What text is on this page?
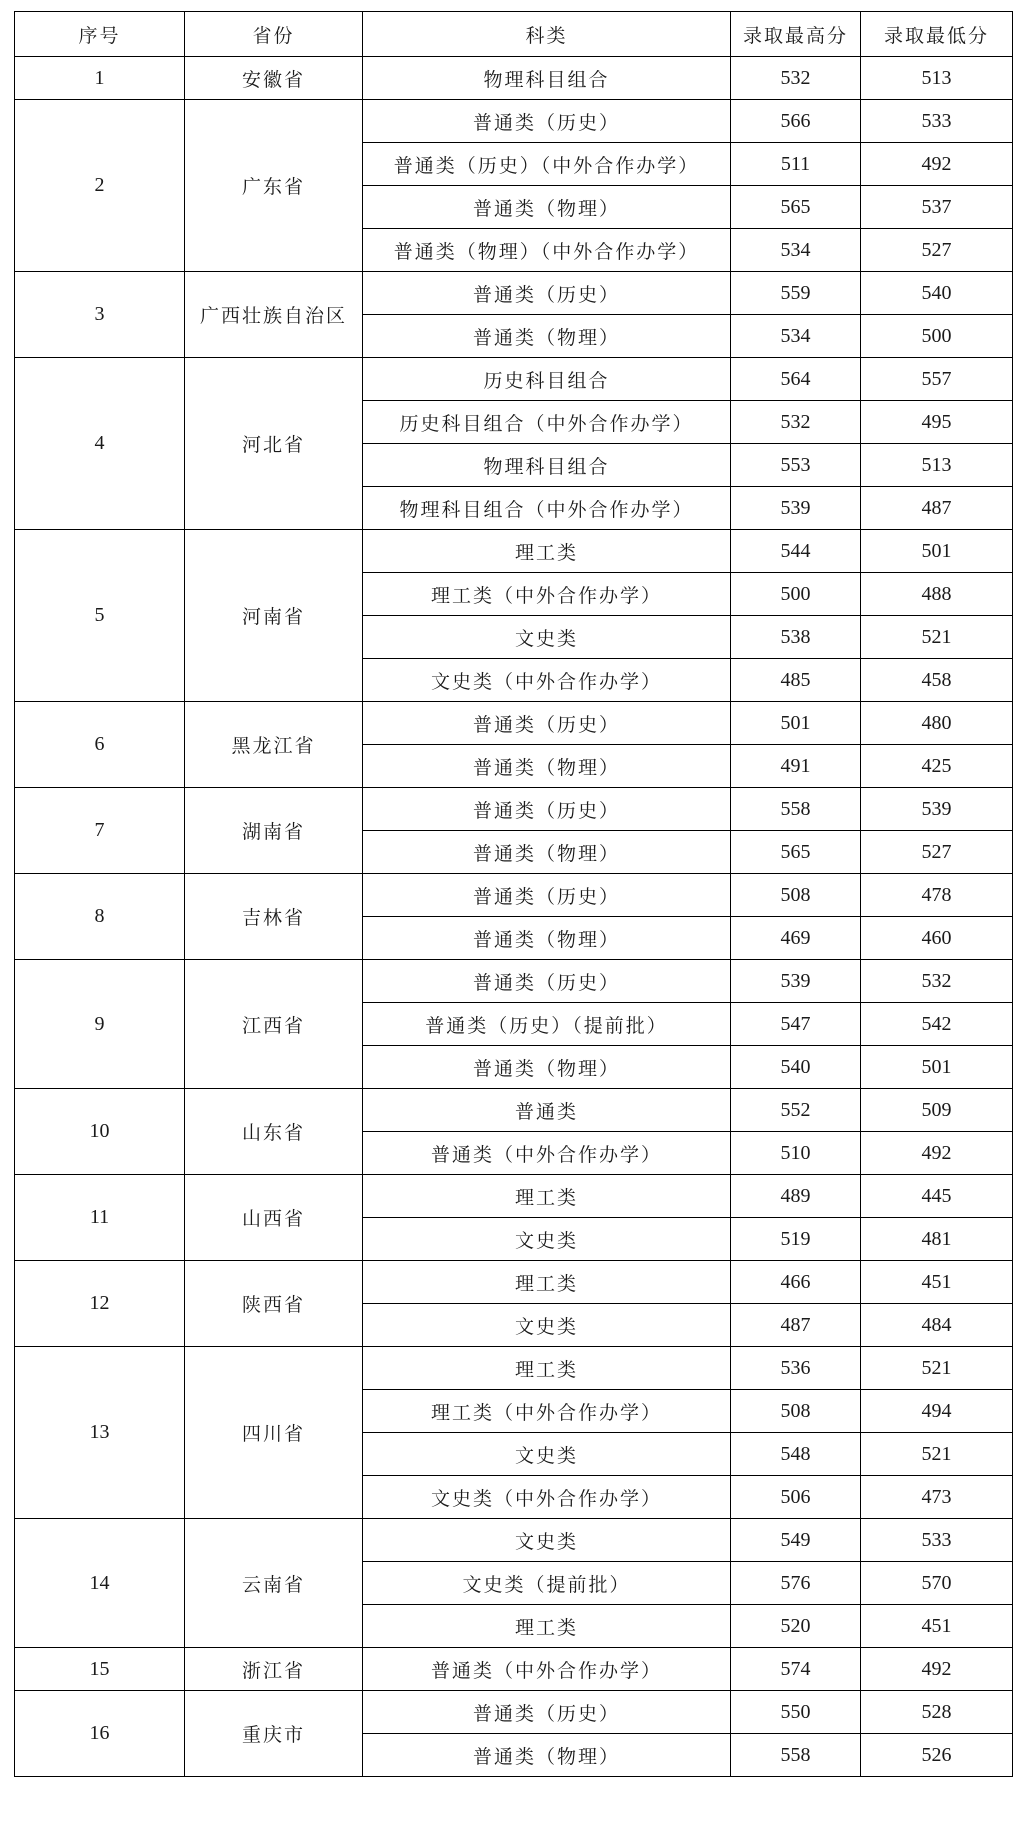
序号	省份	科类	录取最高分	录取最低分
1	安徽省	物理科目组合	532	513
2	广东省	普通类（历史）	566	533
		普通类（历史）（中外合作办学）	511	492
		普通类（物理）	565	537
		普通类（物理）（中外合作办学）	534	527
3	广西壮族自治区	普通类（历史）	559	540
		普通类（物理）	534	500
4	河北省	历史科目组合	564	557
		历史科目组合（中外合作办学）	532	495
		物理科目组合	553	513
		物理科目组合（中外合作办学）	539	487
5	河南省	理工类	544	501
		理工类（中外合作办学）	500	488
		文史类	538	521
		文史类（中外合作办学）	485	458
6	黑龙江省	普通类（历史）	501	480
		普通类（物理）	491	425
7	湖南省	普通类（历史）	558	539
		普通类（物理）	565	527
8	吉林省	普通类（历史）	508	478
		普通类（物理）	469	460
9	江西省	普通类（历史）	539	532
		普通类（历史）（提前批）	547	542
		普通类（物理）	540	501
10	山东省	普通类	552	509
		普通类（中外合作办学）	510	492
11	山西省	理工类	489	445
		文史类	519	481
12	陕西省	理工类	466	451
		文史类	487	484
13	四川省	理工类	536	521
		理工类（中外合作办学）	508	494
		文史类	548	521
		文史类（中外合作办学）	506	473
14	云南省	文史类	549	533
		文史类（提前批）	576	570
		理工类	520	451
15	浙江省	普通类（中外合作办学）	574	492
16	重庆市	普通类（历史）	550	528
		普通类（物理）	558	526
